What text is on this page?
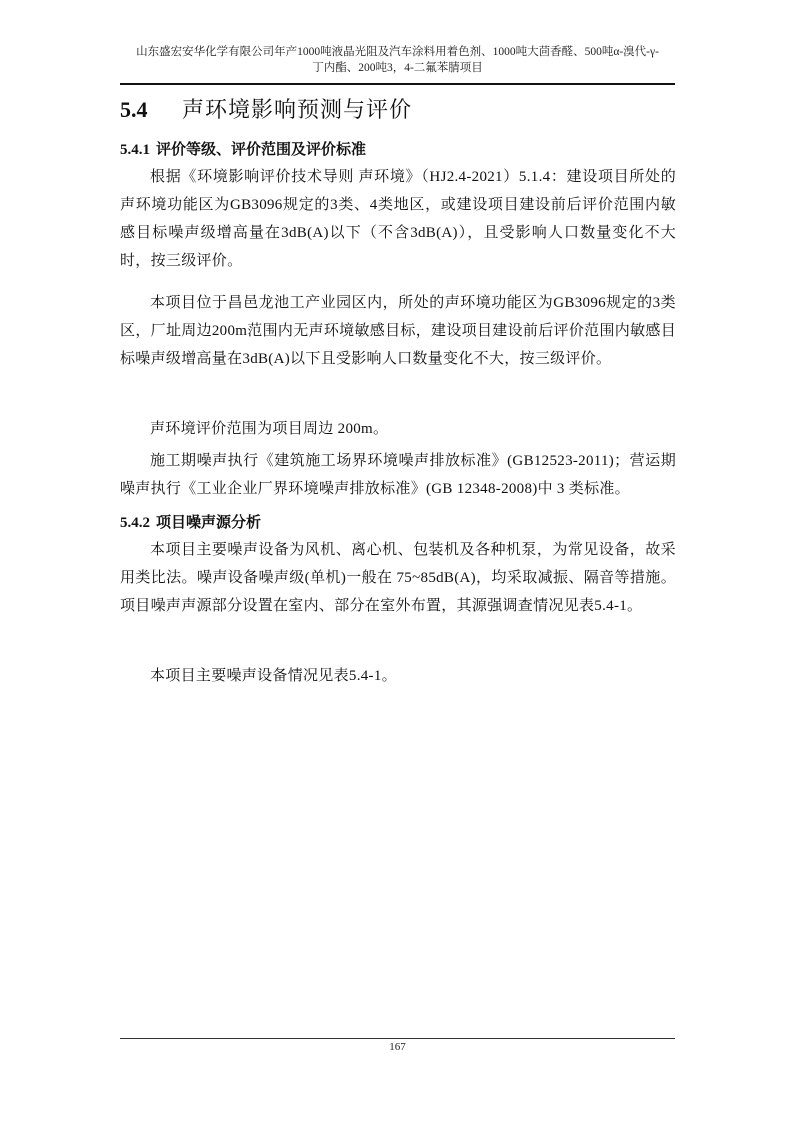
山东盛宏安华化学有限公司年产1000吨液晶光阻及汽车涂料用着色剂、1000吨大茴香醛、500吨α-溴代-γ-
丁内酯、200吨3，4-二氟苯腈项目
5.4 声环境影响预测与评价
5.4.1 评价等级、评价范围及评价标准
根据《环境影响评价技术导则 声环境》（HJ2.4-2021）5.1.4：建设项目所处的声环境功能区为GB3096规定的3类、4类地区，或建设项目建设前后评价范围内敏感目标噪声级增高量在3dB(A)以下（不含3dB(A)），且受影响人口数量变化不大时，按三级评价。
本项目位于昌邑龙池工产业园区内，所处的声环境功能区为GB3096规定的3类区，厂址周边200m范围内无声环境敏感目标，建设项目建设前后评价范围内敏感目标噪声级增高量在3dB(A)以下且受影响人口数量变化不大，按三级评价。
声环境评价范围为项目周边 200m。
施工期噪声执行《建筑施工场界环境噪声排放标准》(GB12523-2011)；营运期噪声执行《工业企业厂界环境噪声排放标准》(GB 12348-2008)中 3 类标准。
5.4.2 项目噪声源分析
本项目主要噪声设备为风机、离心机、包装机及各种机泵，为常见设备，故采用类比法。噪声设备噪声级(单机)一般在 75~85dB(A)，均采取减振、隔音等措施。项目噪声声源部分设置在室内、部分在室外布置，其源强调查情况见表5.4-1。
本项目主要噪声设备情况见表5.4-1。
167
